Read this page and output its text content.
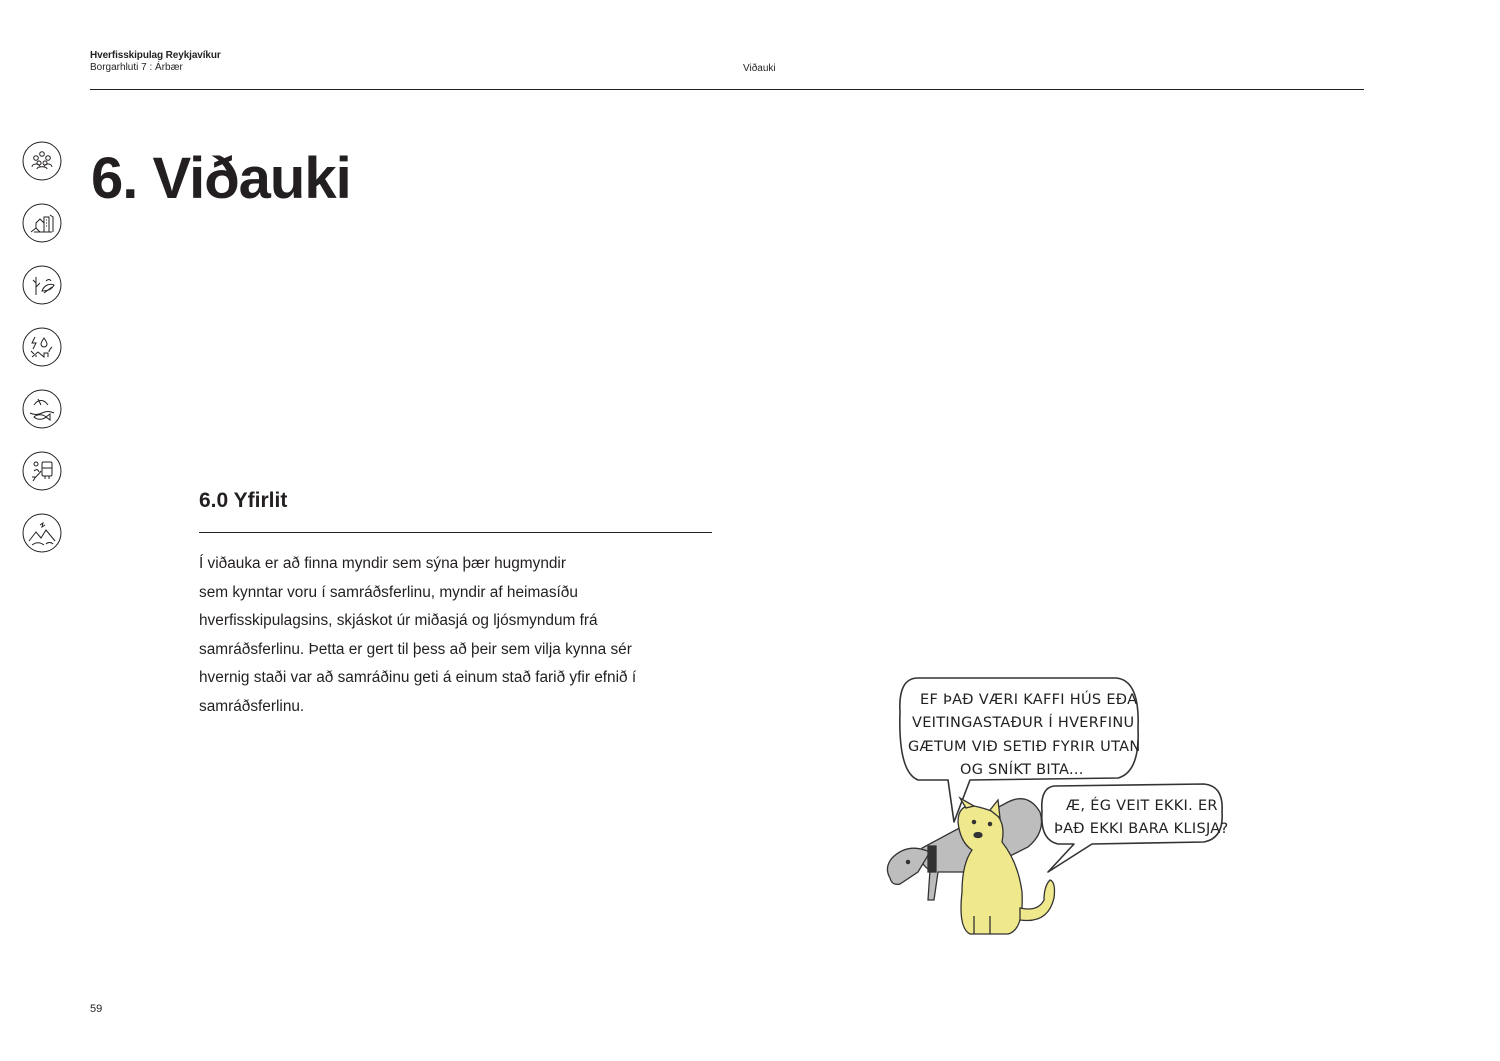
Hverfisskipulag Reykjavíkur
Borgarhluti 7 : Árbær	Viðauki
6. Viðauki
6.0 Yfirlit
Í viðauka er að finna myndir sem sýna þær hugmyndir
sem kynntar voru í samráðsferlinu, myndir af heimasíðu
hverfisskipulagsins, skjáskot úr miðasjá og ljósmyndum frá
samráðsferlinu. Þetta er gert til þess að þeir sem vilja kynna sér
hvernig staði var að samráðinu geti á einum stað farið yfir efnið í
samráðsferlinu.	EF ÞAÐ VÆRI KAFFI HÚS EÐA
VEITINGASTAÐUR Í HVERFINU
GÆTUM VIÐ SETIÐ FYRIR UTAN
OG SNÍKT BITA...
Æ, ÉG VEIT EKKI. ER
ÞAÐ EKKI BARA KLISJA?
59
